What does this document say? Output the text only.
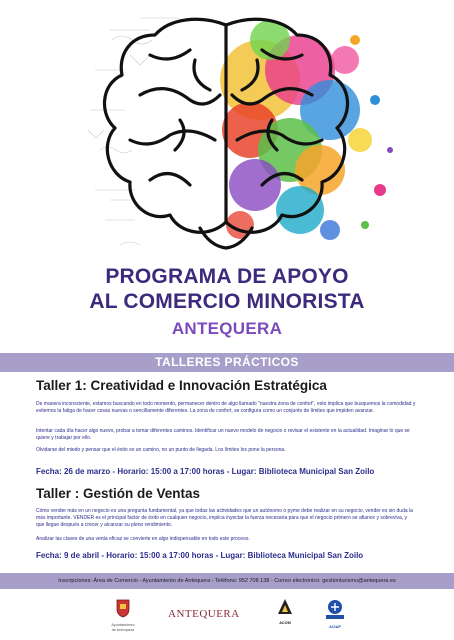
PROGRAMA DE APOYO
AL COMERCIO MINORISTA
ANTEQUERA
TALLERES PRÁCTICOS
Taller 1: Creatividad e Innovación Estratégica
De manera inconsciente, estamos buscando en todo momento, permanecer dentro de algo llamado "nuestra zona de confort", esto implica que busquemos la comodidad y evitemos la fatiga de hacer cosas nuevas o sencillamente diferentes. La zona de confort, se configura como un conjunto de límites que impiden avanzar.
Intentar cada día hacer algo nuevo, probar a tomar diferentes caminos. Identificar un nuevo modelo de negocio o revisar el existente en la actualidad. Imaginar lo que se quiere y trabajar por ello.
Olvidarse del miedo y pensar que el éxito es un camino, no un punto de llegada. Los límites los pone la persona.
Fecha: 26 de marzo - Horario: 15:00 a 17:00 horas - Lugar: Biblioteca Municipal San Zoilo
Taller : Gestión de Ventas
Cómo vender más en un negocio es una pregunta fundamental, ya que todas las actividades que un autónomo o pyme debe realizar en su negocio, vender es sin duda la más importante. VENDER es el principal factor de éxito en cualquier negocio, implica inyectar la fuerza necesaria para que el negocio primero se afiance y sobreviva, y que llegue después a crecer y alcanzar su pleno rendimiento.
Analizar las claves de una venta eficaz se convierte en algo indispensable en todo este proceso.
Fecha: 9 de abril - Horario: 15:00 a 17:00 horas - Lugar: Biblioteca Municipal San Zoilo
Inscripciones: Área de Comercio - Ayuntamiento de Antequera - Teléfono: 952 708 138 - Correo electrónico: gestionturismo@antequera.es
Ayuntamiento
de Antequera
ANTEQUERA
ACOM
ACIAP
